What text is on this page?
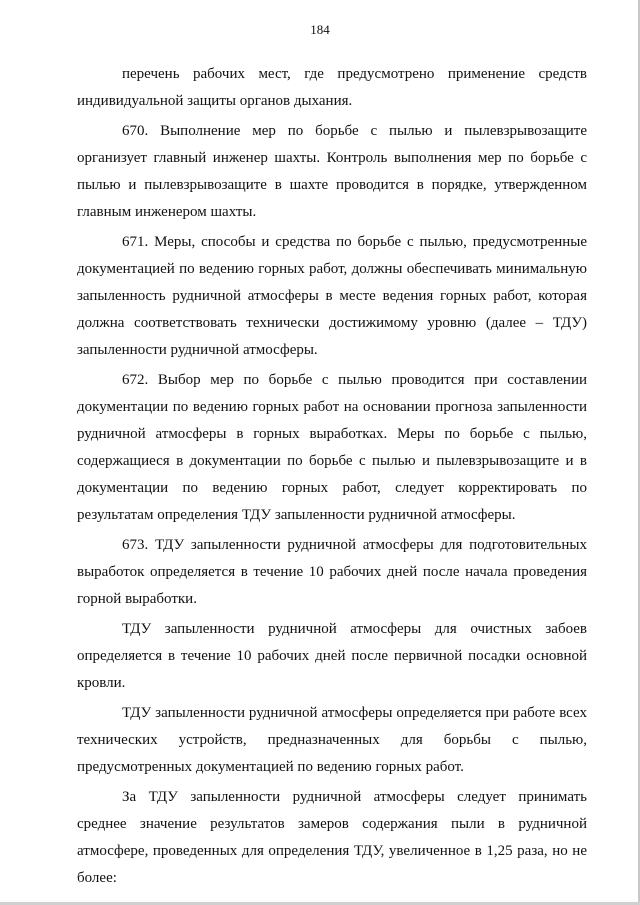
184

перечень рабочих мест, где предусмотрено применение средств индивидуальной защиты органов дыхания.

670. Выполнение мер по борьбе с пылью и пылевзрывозащите организует главный инженер шахты. Контроль выполнения мер по борьбе с пылью и пылевзрывозащите в шахте проводится в порядке, утвержденном главным инженером шахты.

671. Меры, способы и средства по борьбе с пылью, предусмотренные документацией по ведению горных работ, должны обеспечивать минимальную запыленность рудничной атмосферы в месте ведения горных работ, которая должна соответствовать технически достижимому уровню (далее – ТДУ) запыленности рудничной атмосферы.

672. Выбор мер по борьбе с пылью проводится при составлении документации по ведению горных работ на основании прогноза запыленности рудничной атмосферы в горных выработках. Меры по борьбе с пылью, содержащиеся в документации по борьбе с пылью и пылевзрывозащите и в документации по ведению горных работ, следует корректировать по результатам определения ТДУ запыленности рудничной атмосферы.

673. ТДУ запыленности рудничной атмосферы для подготовительных выработок определяется в течение 10 рабочих дней после начала проведения горной выработки.

ТДУ запыленности рудничной атмосферы для очистных забоев определяется в течение 10 рабочих дней после первичной посадки основной кровли.

ТДУ запыленности рудничной атмосферы определяется при работе всех технических устройств, предназначенных для борьбы с пылью, предусмотренных документацией по ведению горных работ.

За ТДУ запыленности рудничной атмосферы следует принимать среднее значение результатов замеров содержания пыли в рудничной атмосфере, проведенных для определения ТДУ, увеличенное в 1,25 раза, но не более:
